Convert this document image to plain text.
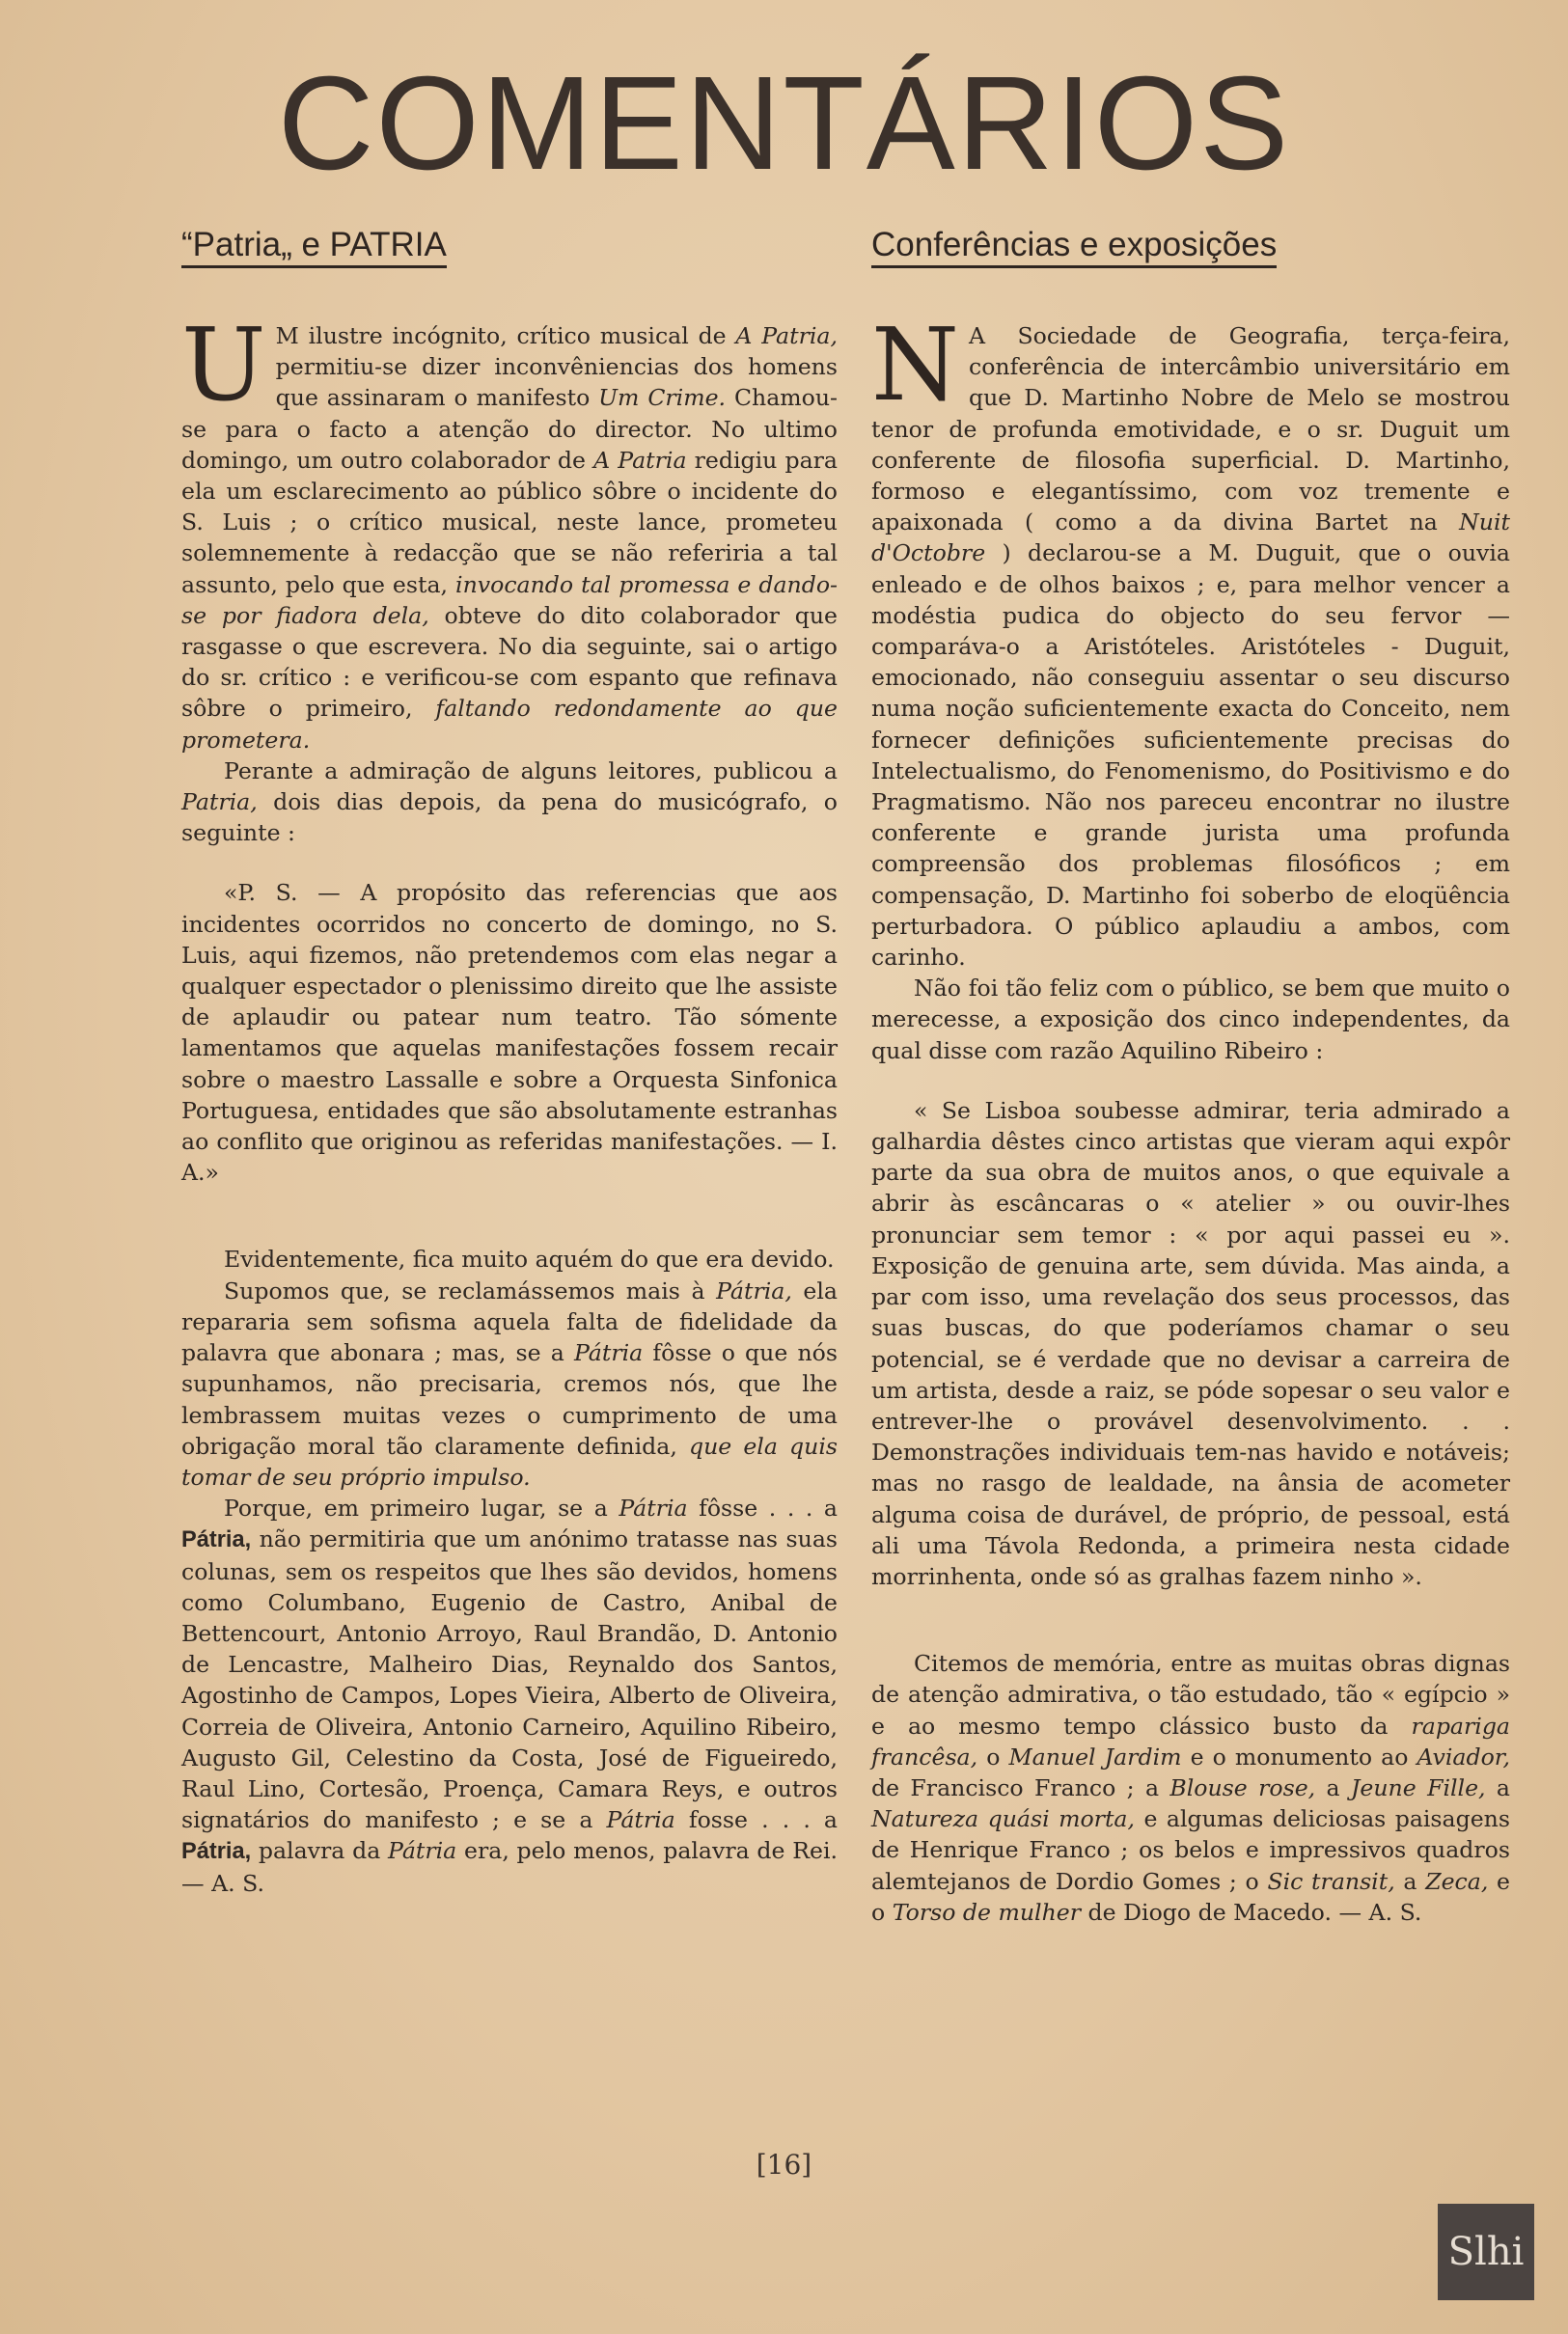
COMENTÁRIOS
“Patria„ e PATRIA

U M ilustre incógnito, crítico musical de A Patria, permitiu-se dizer inconvêniencias dos homens que assinaram o manifesto Um Crime. Chamou-se para o facto a atenção do director. No ultimo domingo, um outro colaborador de A Patria redigiu para ela um esclarecimento ao público sôbre o incidente do S. Luis ; o crítico musical, neste lance, prometeu solemnemente à redacção que se não referiria a tal assunto, pelo que esta, invocando tal promessa e dando-se por fiadora dela, obteve do dito colaborador que rasgasse o que escrevera. No dia seguinte, sai o artigo do sr. crítico : e verificou-se com espanto que refinava sôbre o primeiro, faltando redondamente ao que prometera.

Perante a admiração de alguns leitores, publicou a Patria, dois dias depois, da pena do musicógrafo, o seguinte :

«P. S. — A propósito das referencias que aos incidentes ocorridos no concerto de domingo, no S. Luis, aqui fizemos, não pretendemos com elas negar a qualquer espectador o plenissimo direito que lhe assiste de aplaudir ou patear num teatro. Tão sómente lamentamos que aquelas manifestações fossem recair sobre o maestro Lassalle e sobre a Orquesta Sinfonica Portuguesa, entidades que são absolutamente estranhas ao conflito que originou as referidas manifestações. — I. A.»

Evidentemente, fica muito aquém do que era devido.

Supomos que, se reclamássemos mais à Pátria, ela repararia sem sofisma aquela falta de fidelidade da palavra que abonara ; mas, se a Pátria fôsse o que nós supunhamos, não precisaria, cremos nós, que lhe lembrassem muitas vezes o cumprimento de uma obrigação moral tão claramente definida, que ela quis tomar de seu próprio impulso.

Porque, em primeiro lugar, se a Pátria fôsse . . . a Pátria, não permitiria que um anónimo tratasse nas suas colunas, sem os respeitos que lhes são devidos, homens como Columbano, Eugenio de Castro, Anibal de Bettencourt, Antonio Arroyo, Raul Brandão, D. Antonio de Lencastre, Malheiro Dias, Reynaldo dos Santos, Agostinho de Campos, Lopes Vieira, Alberto de Oliveira, Correia de Oliveira, Antonio Carneiro, Aquilino Ribeiro, Augusto Gil, Celestino da Costa, José de Figueiredo, Raul Lino, Cortesão, Proença, Camara Reys, e outros signatários do manifesto ; e se a Pátria fosse . . . a Pátria, palavra da Pátria era, pelo menos, palavra de Rei. — A. S.

Conferências e exposições

N A Sociedade de Geografia, terça-feira, conferência de intercâmbio universitário em que D. Martinho Nobre de Melo se mostrou tenor de profunda emotividade, e o sr. Duguit um conferente de filosofia superficial. D. Martinho, formoso e elegantíssimo, com voz tremente e apaixonada ( como a da divina Bartet na Nuit d'Octobre ) declarou-se a M. Duguit, que o ouvia enleado e de olhos baixos ; e, para melhor vencer a modéstia pudica do objecto do seu fervor — comparáva-o a Aristóteles. Aristóteles - Duguit, emocionado, não conseguiu assentar o seu discurso numa noção suficientemente exacta do Conceito, nem fornecer definições suficientemente precisas do Intelectualismo, do Fenomenismo, do Positivismo e do Pragmatismo. Não nos pareceu encontrar no ilustre conferente e grande jurista uma profunda compreensão dos problemas filosóficos ; em compensação, D. Martinho foi soberbo de eloqüência perturbadora. O público aplaudiu a ambos, com carinho.

Não foi tão feliz com o público, se bem que muito o merecesse, a exposição dos cinco independentes, da qual disse com razão Aquilino Ribeiro :

« Se Lisboa soubesse admirar, teria admirado a galhardia dêstes cinco artistas que vieram aqui expôr parte da sua obra de muitos anos, o que equivale a abrir às escâncaras o « atelier » ou ouvir-lhes pronunciar sem temor : « por aqui passei eu ». Exposição de genuina arte, sem dúvida. Mas ainda, a par com isso, uma revelação dos seus processos, das suas buscas, do que poderíamos chamar o seu potencial, se é verdade que no devisar a carreira de um artista, desde a raiz, se póde sopesar o seu valor e entrever-lhe o provável desenvolvimento. . . Demonstrações individuais tem-nas havido e notáveis; mas no rasgo de lealdade, na ânsia de acometer alguma coisa de durável, de próprio, de pessoal, está ali uma Távola Redonda, a primeira nesta cidade morrinhenta, onde só as gralhas fazem ninho ».

Citemos de memória, entre as muitas obras dignas de atenção admirativa, o tão estudado, tão « egípcio » e ao mesmo tempo clássico busto da rapariga francêsa, o Manuel Jardim e o monumento ao Aviador, de Francisco Franco ; a Blouse rose, a Jeune Fille, a Natureza quási morta, e algumas deliciosas paisagens de Henrique Franco ; os belos e impressivos quadros alemtejanos de Dordio Gomes ; o Sic transit, a Zeca, e o Torso de mulher de Diogo de Macedo. — A. S.

[16]
Slhi
